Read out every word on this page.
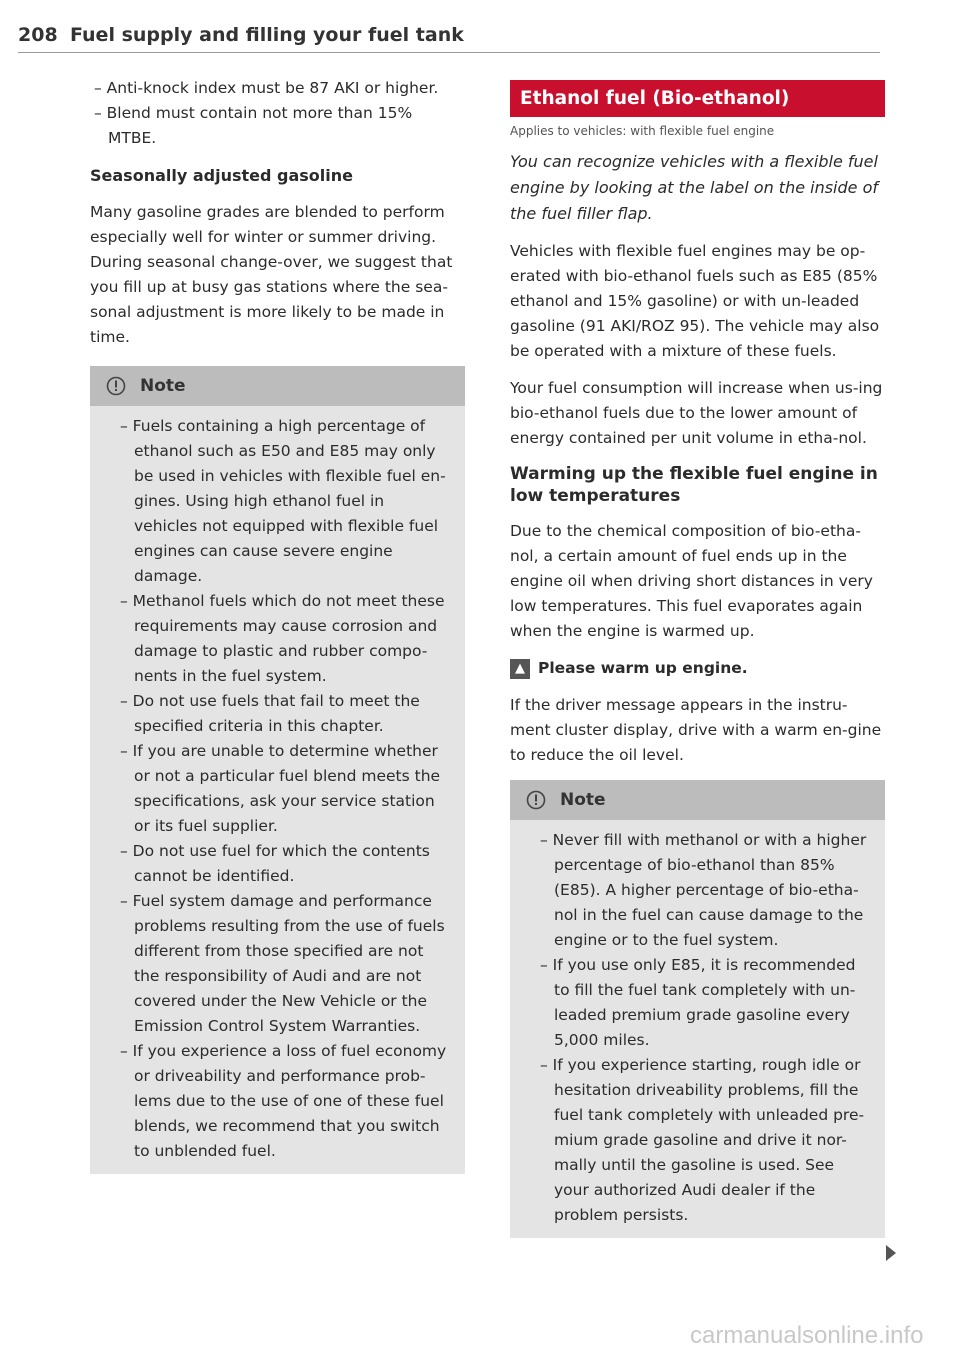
208 Fuel supply and filling your fuel tank

– Anti-knock index must be 87 AKI or higher.

– Blend must contain not more than 15% MTBE.

Seasonally adjusted gasoline

Many gasoline grades are blended to perform especially well for winter or summer driving. During seasonal change-over, we suggest that you fill up at busy gas stations where the sea-sonal adjustment is more likely to be made in time.

Note

– Fuels containing a high percentage of ethanol such as E50 and E85 may only be used in vehicles with flexible fuel en-gines. Using high ethanol fuel in vehicles not equipped with flexible fuel engines can cause severe engine damage.

– Methanol fuels which do not meet these requirements may cause corrosion and damage to plastic and rubber compo-nents in the fuel system.

– Do not use fuels that fail to meet the specified criteria in this chapter.

– If you are unable to determine whether or not a particular fuel blend meets the specifications, ask your service station or its fuel supplier.

– Do not use fuel for which the contents cannot be identified.

– Fuel system damage and performance problems resulting from the use of fuels different from those specified are not the responsibility of Audi and are not covered under the New Vehicle or the Emission Control System Warranties.

– If you experience a loss of fuel economy or driveability and performance prob-lems due to the use of one of these fuel blends, we recommend that you switch to unblended fuel.

Ethanol fuel (Bio-ethanol)
Applies to vehicles: with flexible fuel engine

You can recognize vehicles with a flexible fuel engine by looking at the label on the inside of the fuel filler flap.

Vehicles with flexible fuel engines may be op-erated with bio-ethanol fuels such as E85 (85% ethanol and 15% gasoline) or with un-leaded gasoline (91 AKI/ROZ 95). The vehicle may also be operated with a mixture of these fuels.

Your fuel consumption will increase when us-ing bio-ethanol fuels due to the lower amount of energy contained per unit volume in etha-nol.

Warming up the flexible fuel engine in low temperatures

Due to the chemical composition of bio-etha-nol, a certain amount of fuel ends up in the engine oil when driving short distances in very low temperatures. This fuel evaporates again when the engine is warmed up.

▲ Please warm up engine.

If the driver message appears in the instru-ment cluster display, drive with a warm en-gine to reduce the oil level.

Note

– Never fill with methanol or with a higher percentage of bio-ethanol than 85% (E85). A higher percentage of bio-etha-nol in the fuel can cause damage to the engine or to the fuel system.

– If you use only E85, it is recommended to fill the fuel tank completely with un-leaded premium grade gasoline every 5,000 miles.

– If you experience starting, rough idle or hesitation driveability problems, fill the fuel tank completely with unleaded pre-mium grade gasoline and drive it nor-mally until the gasoline is used. See your authorized Audi dealer if the problem persists.

carmanualsonline.info
